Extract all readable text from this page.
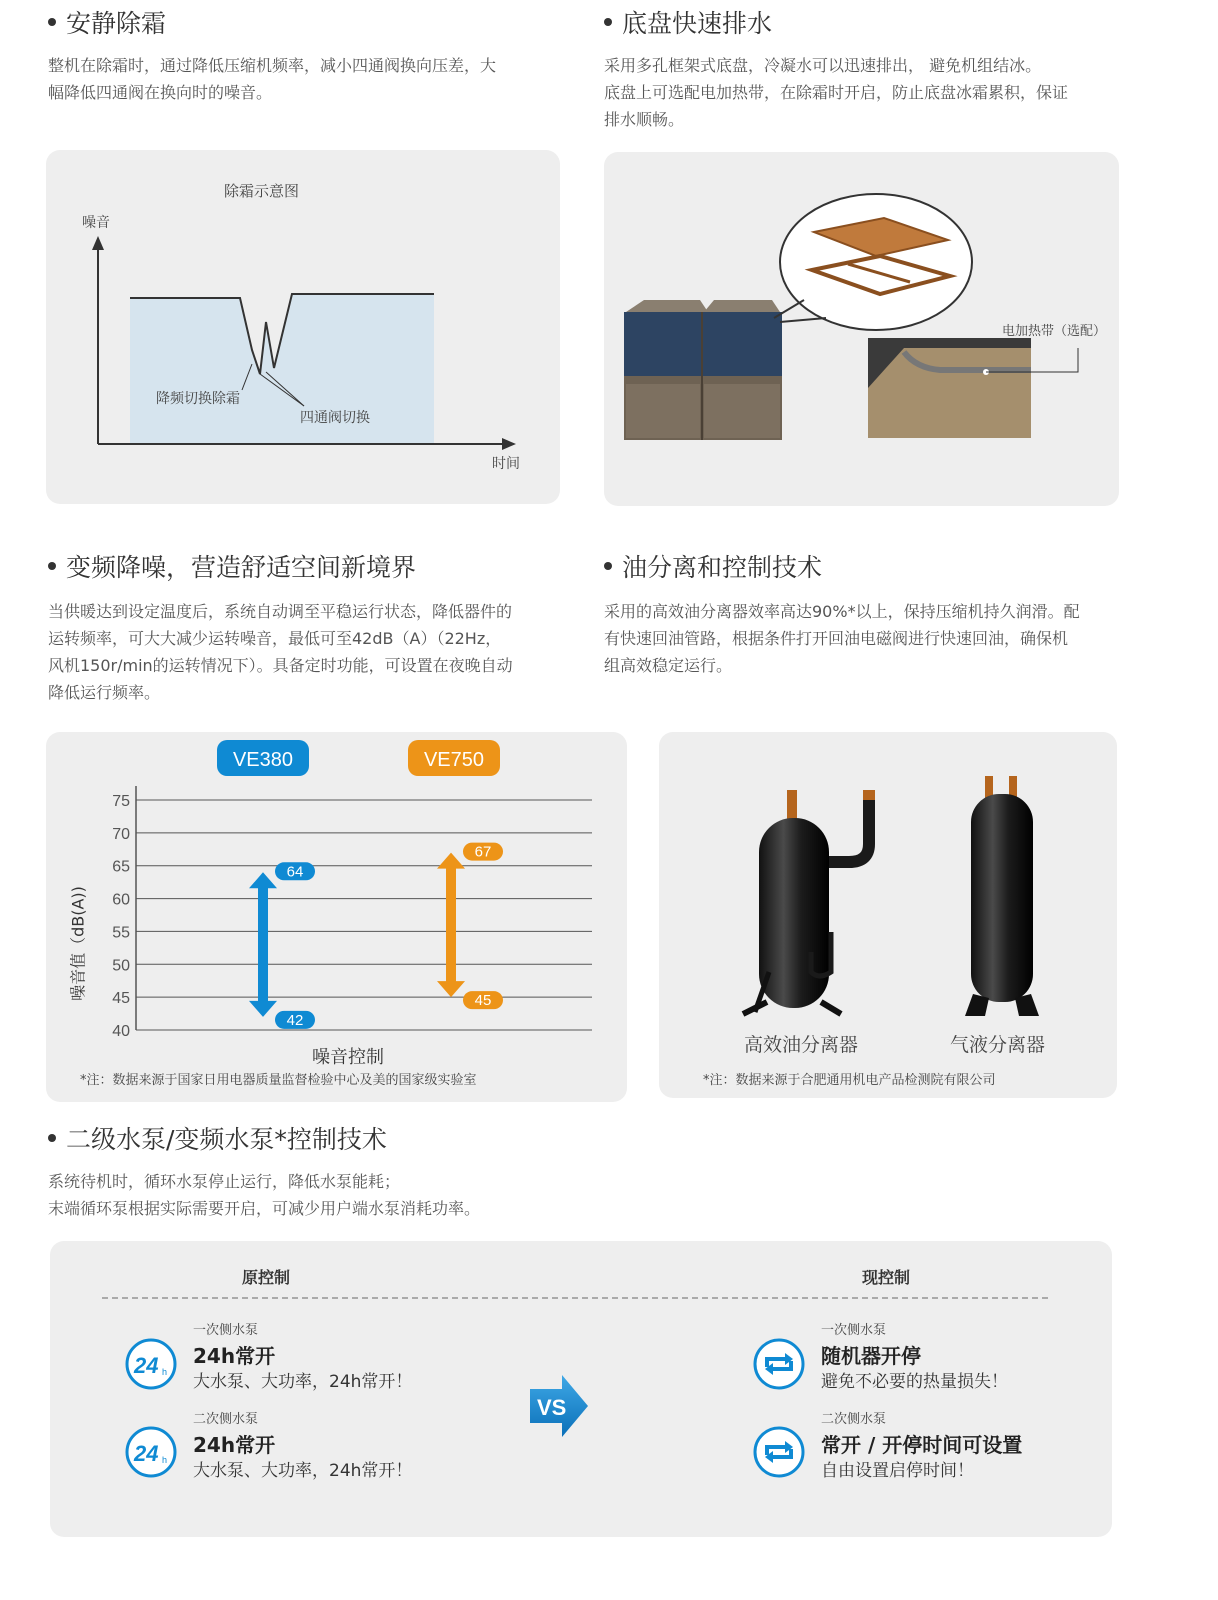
安静除霜
整机在除霜时，通过降低压缩机频率，减小四通阀换向压差，大
幅降低四通阀在换向时的噪音。
除霜示意图
噪音
降频切换除霜
四通阀切换
时间
底盘快速排水
采用多孔框架式底盘，冷凝水可以迅速排出， 避免机组结冰。
底盘上可选配电加热带，在除霜时开启，防止底盘冰霜累积，保证
排水顺畅。
电加热带（选配）
变频降噪，营造舒适空间新境界
当供暖达到设定温度后，系统自动调至平稳运行状态，降低器件的
运转频率，可大大减少运转噪音，最低可至42dB（A）（22Hz，
风机150r/min的运转情况下）。具备定时功能，可设置在夜晚自动
降低运行频率。
40
45
50
55
60
65
70
75
VE380
64
42
VE750
67
45
噪音值（dB(A))
噪音控制
*注：数据来源于国家日用电器质量监督检验中心及美的国家级实验室
油分离和控制技术
采用的高效油分离器效率高达90%*以上，保持压缩机持久润滑。配
有快速回油管路，根据条件打开回油电磁阀进行快速回油，确保机
组高效稳定运行。
高效油分离器	气液分离器
*注：数据来源于合肥通用机电产品检测院有限公司
二级水泵/变频水泵*控制技术
系统待机时，循环水泵停止运行，降低水泵能耗；
末端循环泵根据实际需要开启，可减少用户端水泵消耗功率。
原控制	现控制
24 h
一次侧水泵
24h常开
大水泵、大功率，24h常开！
24 h
二次侧水泵
24h常开
大水泵、大功率，24h常开！
VS
一次侧水泵
随机器开停
避免不必要的热量损失！
二次侧水泵
常开 / 开停时间可设置
自由设置启停时间！
